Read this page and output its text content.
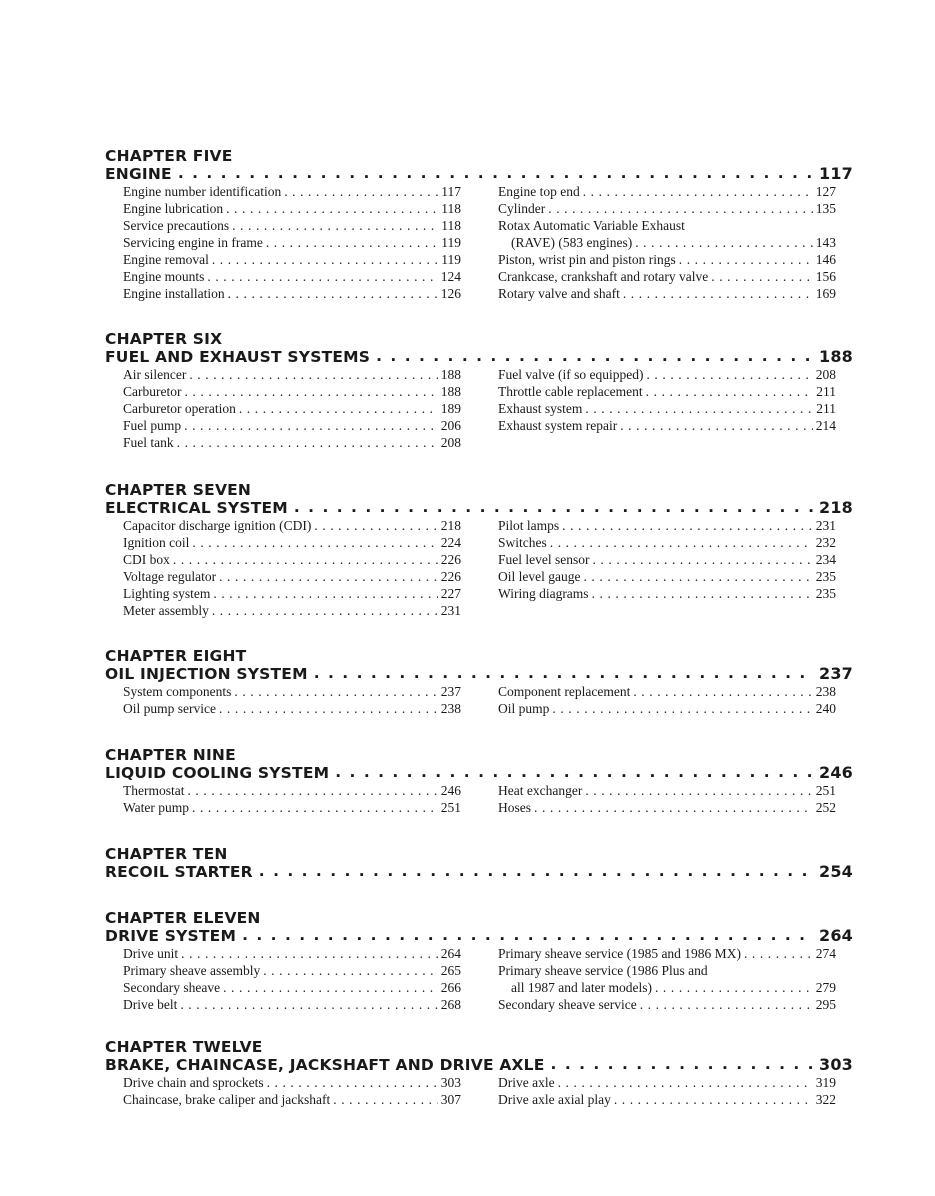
CHAPTER FIVE
ENGINE . . .	117
Engine number identification . . .	117
Engine lubrication . . .	118
Service precautions . . .	118
Servicing engine in frame . . .	119
Engine removal . . .	119
Engine mounts . . .	124
Engine installation . . .	126
Engine top end . . .	127
Cylinder . . .	135
Rotax Automatic Variable Exhaust
(RAVE) (583 engines) . . .	143
Piston, wrist pin and piston rings . . .	146
Crankcase, crankshaft and rotary valve . . .	156
Rotary valve and shaft . . .	169
CHAPTER SIX
FUEL AND EXHAUST SYSTEMS . . .	188
Air silencer . . .	188
Carburetor . . .	188
Carburetor operation . . .	189
Fuel pump . . .	206
Fuel tank . . .	208
Fuel valve (if so equipped) . . .	208
Throttle cable replacement . . .	211
Exhaust system . . .	211
Exhaust system repair . . .	214
CHAPTER SEVEN
ELECTRICAL SYSTEM . . .	218
Capacitor discharge ignition (CDI) . . .	218
Ignition coil . . .	224
CDI box . . .	226
Voltage regulator . . .	226
Lighting system . . .	227
Meter assembly . . .	231
Pilot lamps . . .	231
Switches . . .	232
Fuel level sensor . . .	234
Oil level gauge . . .	235
Wiring diagrams . . .	235
CHAPTER EIGHT
OIL INJECTION SYSTEM . . .	237
System components . . .	237
Oil pump service . . .	238
Component replacement . . .	238
Oil pump . . .	240
CHAPTER NINE
LIQUID COOLING SYSTEM . . .	246
Thermostat . . .	246
Water pump . . .	251
Heat exchanger . . .	251
Hoses . . .	252
CHAPTER TEN
RECOIL STARTER . . .	254
CHAPTER ELEVEN
DRIVE SYSTEM . . .	264
Drive unit . . .	264
Primary sheave assembly . . .	265
Secondary sheave . . .	266
Drive belt . . .	268
Primary sheave service (1985 and 1986 MX) . . .	274
Primary sheave service (1986 Plus and
all 1987 and later models) . . .	279
Secondary sheave service . . .	295
CHAPTER TWELVE
BRAKE, CHAINCASE, JACKSHAFT AND DRIVE AXLE . . .	303
Drive chain and sprockets . . .	303
Chaincase, brake caliper and jackshaft . . .	307
Drive axle . . .	319
Drive axle axial play . . .	322
